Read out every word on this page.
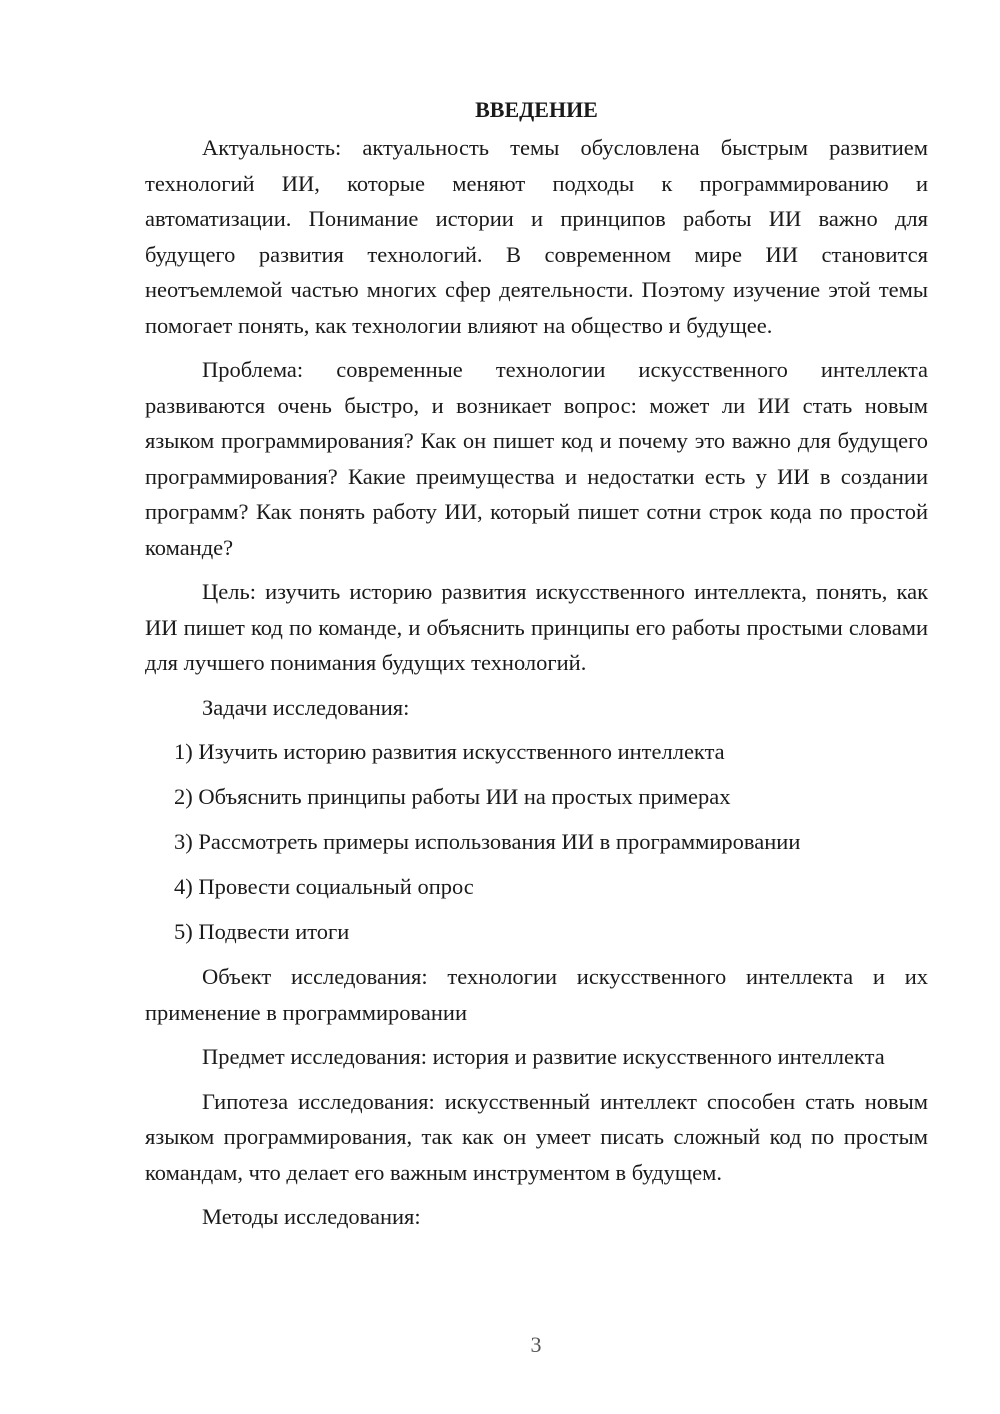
ВВЕДЕНИЕ

Актуальность: актуальность темы обусловлена быстрым развитием технологий ИИ, которые меняют подходы к программированию и автоматизации. Понимание истории и принципов работы ИИ важно для будущего развития технологий. В современном мире ИИ становится неотъемлемой частью многих сфер деятельности. Поэтому изучение этой темы помогает понять, как технологии влияют на общество и будущее.

Проблема: современные технологии искусственного интеллекта развиваются очень быстро, и возникает вопрос: может ли ИИ стать новым языком программирования? Как он пишет код и почему это важно для будущего программирования? Какие преимущества и недостатки есть у ИИ в создании программ? Как понять работу ИИ, который пишет сотни строк кода по простой команде?

Цель: изучить историю развития искусственного интеллекта, понять, как ИИ пишет код по команде, и объяснить принципы его работы простыми словами для лучшего понимания будущих технологий.

Задачи исследования:

1) Изучить историю развития искусственного интеллекта
2) Объяснить принципы работы ИИ на простых примерах
3) Рассмотреть примеры использования ИИ в программировании
4) Провести социальный опрос
5) Подвести итоги

Объект исследования: технологии искусственного интеллекта и их применение в программировании

Предмет исследования: история и развитие искусственного интеллекта

Гипотеза исследования: искусственный интеллект способен стать новым языком программирования, так как он умеет писать сложный код по простым командам, что делает его важным инструментом в будущем.

Методы исследования:

3
